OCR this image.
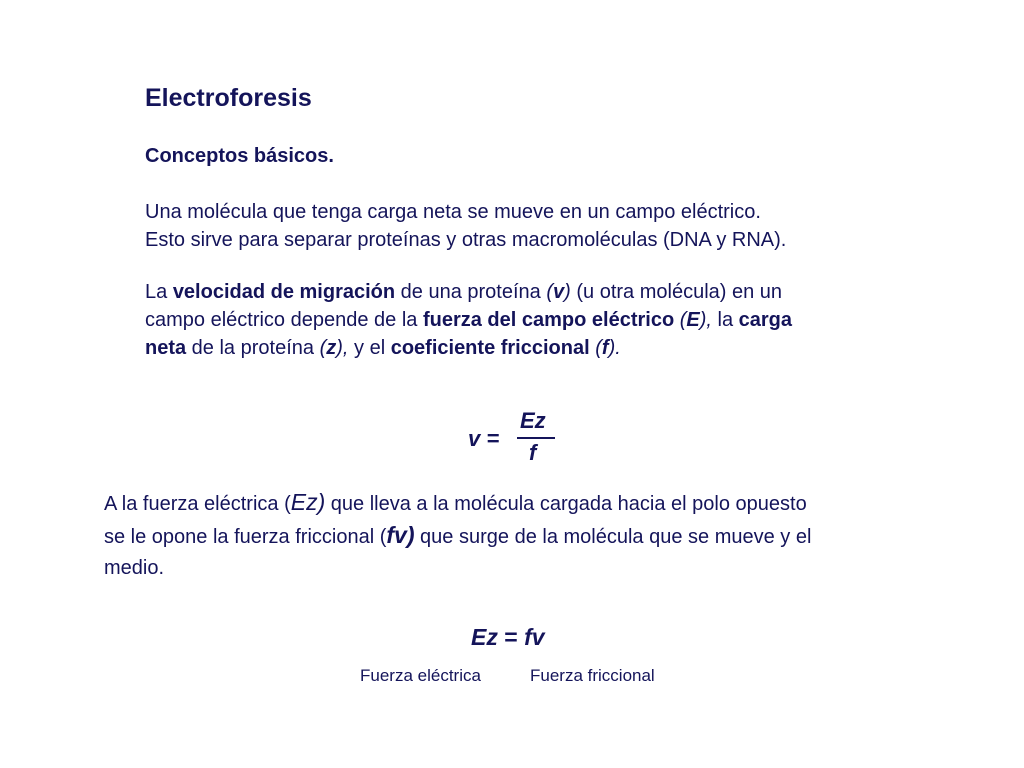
Electroforesis
Conceptos básicos.
Una molécula que tenga carga neta se mueve en un campo eléctrico.
Esto sirve para separar proteínas y otras macromoléculas (DNA y RNA).
La velocidad de migración de una proteína (v) (u otra molécula) en un
campo eléctrico depende de la fuerza del campo eléctrico (E), la carga
neta de la proteína (z), y el coeficiente friccional (f).
v =
Ez
f
A la fuerza eléctrica (Ez) que lleva a la molécula cargada hacia el polo opuesto
se le opone la fuerza friccional (fv) que surge de la molécula que se mueve y el
medio.
Ez = fv
Fuerza eléctrica	Fuerza friccional
